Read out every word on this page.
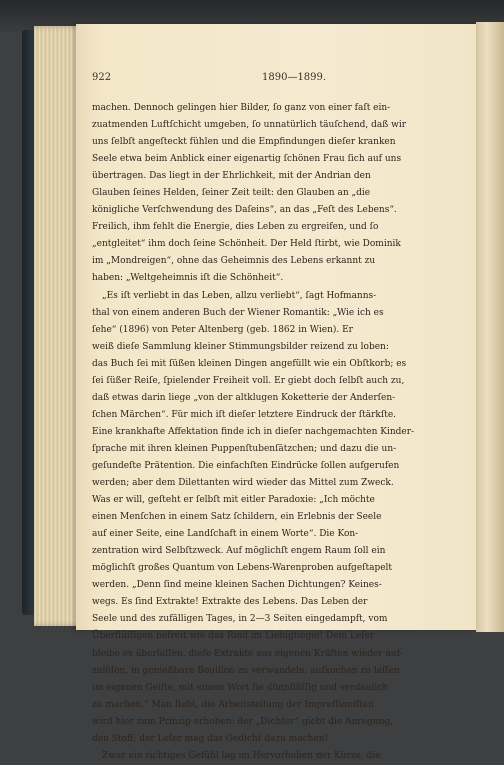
922	1890—1899.
machen. Dennoch gelingen hier Bilder, ſo ganz von einer faſt ein-
zuatmenden Luftſchicht umgeben, ſo unnatürlich täuſchend, daß wir
uns ſelbſt angeſteckt fühlen und die Empfindungen dieſer kranken
Seele etwa beim Anblick einer eigenartig ſchönen Frau ſich auf uns
übertragen. Das liegt in der Ehrlichkeit, mit der Andrian den
Glauben ſeines Helden, ſeiner Zeit teilt: den Glauben an „die
königliche Verſchwendung des Daſeins“, an das „Feſt des Lebens“.
Freilich, ihm fehlt die Energie, dies Leben zu ergreifen, und ſo
„entgleitet“ ihm doch ſeine Schönheit. Der Held ſtirbt, wie Dominik
im „Mondreigen“, ohne das Geheimnis des Lebens erkannt zu
haben: „Weltgeheimnis iſt die Schönheit“.
„Es iſt verliebt in das Leben, allzu verliebt“, ſagt Hofmanns-
thal von einem anderen Buch der Wiener Romantik: „Wie ich es
ſehe“ (1896) von Peter Altenberg (geb. 1862 in Wien). Er
weiß dieſe Sammlung kleiner Stimmungsbilder reizend zu loben:
das Buch ſei mit ſüßen kleinen Dingen angefüllt wie ein Obſtkorb; es
ſei ſüßer Reiſe, ſpielender Freiheit voll. Er giebt doch ſelbſt auch zu,
daß etwas darin liege „von der altklugen Koketterie der Anderſen-
ſchen Märchen“. Für mich iſt dieſer letztere Eindruck der ſtärkſte.
Eine krankhafte Affektation finde ich in dieſer nachgemachten Kinder-
ſprache mit ihren kleinen Puppenſtubenſätzchen; und dazu die un-
geſundeſte Prätention. Die einfachſten Eindrücke ſollen aufgerufen
werden; aber dem Dilettanten wird wieder das Mittel zum Zweck.
Was er will, geſteht er ſelbſt mit eitler Paradoxie: „Ich möchte
einen Menſchen in einem Satz ſchildern, ein Erlebnis der Seele
auf einer Seite, eine Landſchaft in einem Worte“. Die Kon-
zentration wird Selbſtzweck. Auf möglichſt engem Raum ſoll ein
möglichſt großes Quantum von Lebens-Warenproben aufgeſtapelt
werden. „Denn ſind meine kleinen Sachen Dichtungen? Keines-
wegs. Es ſind Extrakte! Extrakte des Lebens. Das Leben der
Seele und des zufälligen Tages, in 2—3 Seiten eingedampft, vom
Überflüſſigen befreit wie das Rind im Liebigtiegel! Dem Leſer
bleibe es überlaſſen, dieſe Extrakte aus eigenen Kräften wieder auf-
zulöſen, in genießbare Bouillon zu verwandeln, aufkochen zu laſſen
im eigenen Geiſte, mit einem Wort ſie dünnflüſſig und verdaulich
zu machen.“ Man ſieht, die Arbeitsteilung der Impreſſioniſten
wird hier zum Prinzip erhoben: der „Dichter“ giebt die Anregung,
den Stoff; der Leſer mag das Gedicht dazu machen!
Zwar ein richtiges Gefühl lag im Hervorheben der Kürze, die
